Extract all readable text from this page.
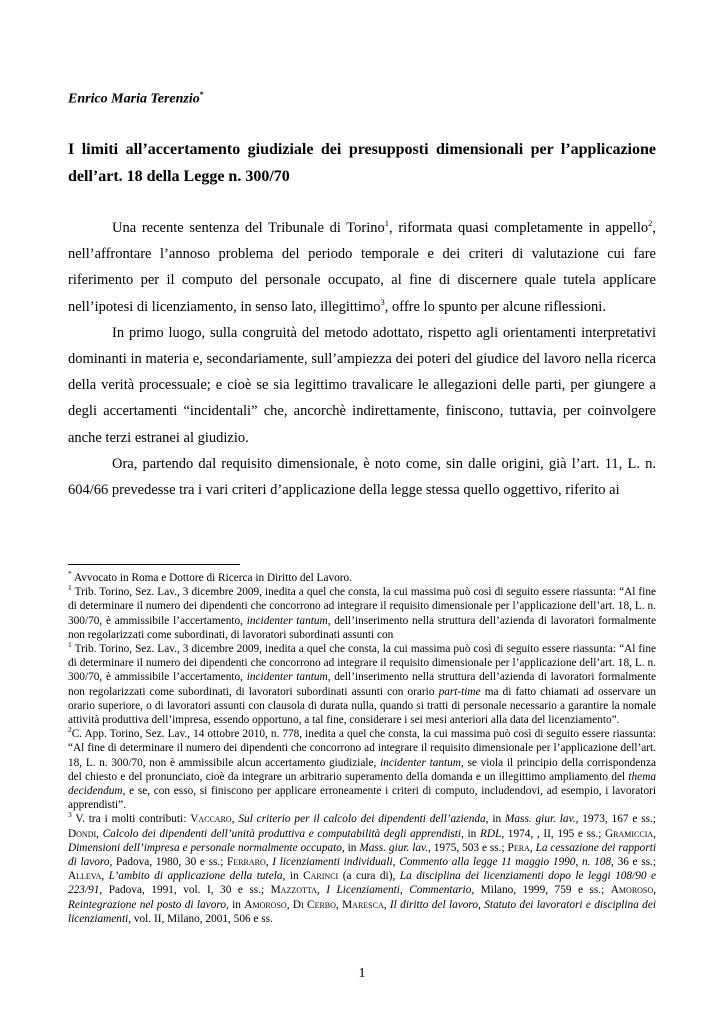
Enrico Maria Terenzio*
I limiti all’accertamento giudiziale dei presupposti dimensionali per l’applicazione dell’art. 18 della Legge n. 300/70

Una recente sentenza del Tribunale di Torino$^1$, riformata quasi completamente in appello$^2$, nell’affrontare l’annoso problema del periodo temporale e dei criteri di valutazione cui fare riferimento per il computo del personale occupato, al fine di discernere quale tutela applicare nell’ipotesi di licenziamento, in senso lato, illegittimo$^3$, offre lo spunto per alcune riflessioni.

In primo luogo, sulla congruità del metodo adottato, rispetto agli orientamenti interpretativi dominanti in materia e, secondariamente, sull’ampiezza dei poteri del giudice del lavoro nella ricerca della verità processuale; e cioè se sia legittimo travalicare le allegazioni delle parti, per giungere a degli accertamenti “incidentali” che, ancorchè indirettamente, finiscono, tuttavia, per coinvolgere anche terzi estranei al giudizio.

Ora, partendo dal requisito dimensionale, è noto come, sin dalle origini, già l’art. 11, L. n. 604/66 prevedesse tra i vari criteri d’applicazione della legge stessa quello oggettivo, riferito ai

* Avvocato in Roma e Dottore di Ricerca in Diritto del Lavoro.

$^1$ Trib. Torino, Sez. Lav., 3 dicembre 2009, inedita a quel che consta, la cui massima può così di seguito essere riassunta: “Al fine di determinare il numero dei dipendenti che concorrono ad integrare il requisito dimensionale per l’applicazione dell’art. 18, L. n. 300/70, è ammissibile l’accertamento, incidenter tantum, dell’inserimento nella struttura dell’azienda di lavoratori formalmente non regolarizzati come subordinati, di lavoratori subordinati assunti con

$^1$ Trib. Torino, Sez. Lav., 3 dicembre 2009, inedita a quel che consta, la cui massima può così di seguito essere riassunta: “Al fine di determinare il numero dei dipendenti che concorrono ad integrare il requisito dimensionale per l’applicazione dell’art. 18, L. n. 300/70, è ammissibile l’accertamento, incidenter tantum, dell’inserimento nella struttura dell’azienda di lavoratori formalmente non regolarizzati come subordinati, di lavoratori subordinati assunti con orario part-time ma di fatto chiamati ad osservare un orario superiore, o di lavoratori assunti con clausola di durata nulla, quando si tratti di personale necessario a garantire la nomale attività produttiva dell’impresa, essendo opportuno, a tal fine, considerare i sei mesi anteriori alla data del licenziamento”.

$^2$C. App. Torino, Sez. Lav., 14 ottobre 2010, n. 778, inedita a quel che consta, la cui massima può così di seguito essere riassunta: “Al fine di determinare il numero dei dipendenti che concorrono ad integrare il requisito dimensionale per l’applicazione dell’art. 18, L. n. 300/70, non è ammissibile alcun accertamento giudiziale, incidenter tantum, se viola il principio della corrispondenza del chiesto e del pronunciato, cioè da integrare un arbitrario superamento della domanda e un illegittimo ampliamento del thema decidendum, e se, con esso, si finiscono per applicare erroneamente i criteri di computo, includendovi, ad esempio, i lavoratori apprendisti”.

$^3$ V. tra i molti contributi: Vaccaro, Sul criterio per il calcolo dei dipendenti dell’azienda, in Mass. giur. lav., 1973, 167 e ss.; Dondi, Calcolo dei dipendenti dell’unità produttiva e computabilità degli apprendisti, in RDL, 1974, , II, 195 e ss.; Gramiccia, Dimensioni dell’impresa e personale normalmente occupato, in Mass. giur. lav., 1975, 503 e ss.; Pera, La cessazione dei rapporti di lavoro, Padova, 1980, 30 e ss.; Ferraro, I licenziamenti individuali, Commento alla legge 11 maggio 1990, n. 108, 36 e ss.; Alleva, L’ambito di applicazione della tutela, in Carinci (a cura di), La disciplina dei licenziamenti dopo le leggi 108/90 e 223/91, Padova, 1991, vol. I, 30 e ss.; Mazzotta, I Licenziamenti, Commentario, Milano, 1999, 759 e ss.; Amoroso, Reintegrazione nel posto di lavoro, in Amoroso, Di Cerbo, Maresca, Il diritto del lavoro, Statuto dei lavoratori e disciplina dei licenziamenti, vol. II, Milano, 2001, 506 e ss.

1
